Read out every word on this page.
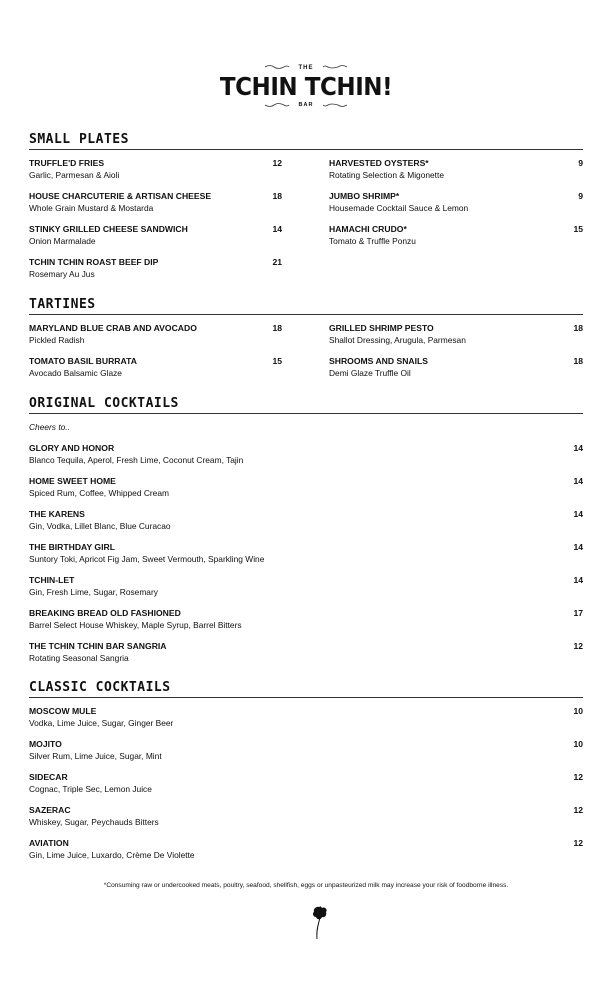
THE
TCHIN TCHIN!
BAR
SMALL PLATES
TRUFFLE'D FRIES
Garlic, Parmesan & Aioli
12
HOUSE CHARCUTERIE & ARTISAN CHEESE
Whole Grain Mustard & Mostarda
18
STINKY GRILLED CHEESE SANDWICH
Onion Marmalade
14
TCHIN TCHIN ROAST BEEF DIP
Rosemary Au Jus
21
HARVESTED OYSTERS*
Rotating Selection & Migonette
9
JUMBO SHRIMP*
Housemade Cocktail Sauce & Lemon
9
HAMACHI CRUDO*
Tomato & Truffle Ponzu
15
TARTINES
MARYLAND BLUE CRAB AND AVOCADO
Pickled Radish
18
TOMATO BASIL BURRATA
Avocado Balsamic Glaze
15
GRILLED SHRIMP PESTO
Shallot Dressing, Arugula, Parmesan
18
SHROOMS AND SNAILS
Demi Glaze Truffle Oil
18
ORIGINAL COCKTAILS
Cheers to..
GLORY AND HONOR
Blanco Tequila, Aperol, Fresh Lime, Coconut Cream, Tajin
14
HOME SWEET HOME
Spiced Rum, Coffee, Whipped Cream
14
THE KARENS
Gin, Vodka, Lillet Blanc, Blue Curacao
14
THE BIRTHDAY GIRL
Suntory Toki, Apricot Fig Jam, Sweet Vermouth, Sparkling Wine
14
TCHIN-LET
Gin, Fresh Lime, Sugar, Rosemary
14
BREAKING BREAD OLD FASHIONED
Barrel Select House Whiskey, Maple Syrup, Barrel Bitters
17
THE TCHIN TCHIN BAR SANGRIA
Rotating Seasonal Sangria
12
CLASSIC COCKTAILS
MOSCOW MULE
Vodka, Lime Juice, Sugar, Ginger Beer
10
MOJITO
Silver Rum, Lime Juice, Sugar, Mint
10
SIDECAR
Cognac, Triple Sec, Lemon Juice
12
SAZERAC
Whiskey, Sugar, Peychauds Bitters
12
AVIATION
Gin, Lime Juice, Luxardo, Crème De Violette
12
*Consuming raw or undercooked meats, poultry, seafood, shellfish, eggs or unpasteurized milk may increase your risk of foodborne illness.
